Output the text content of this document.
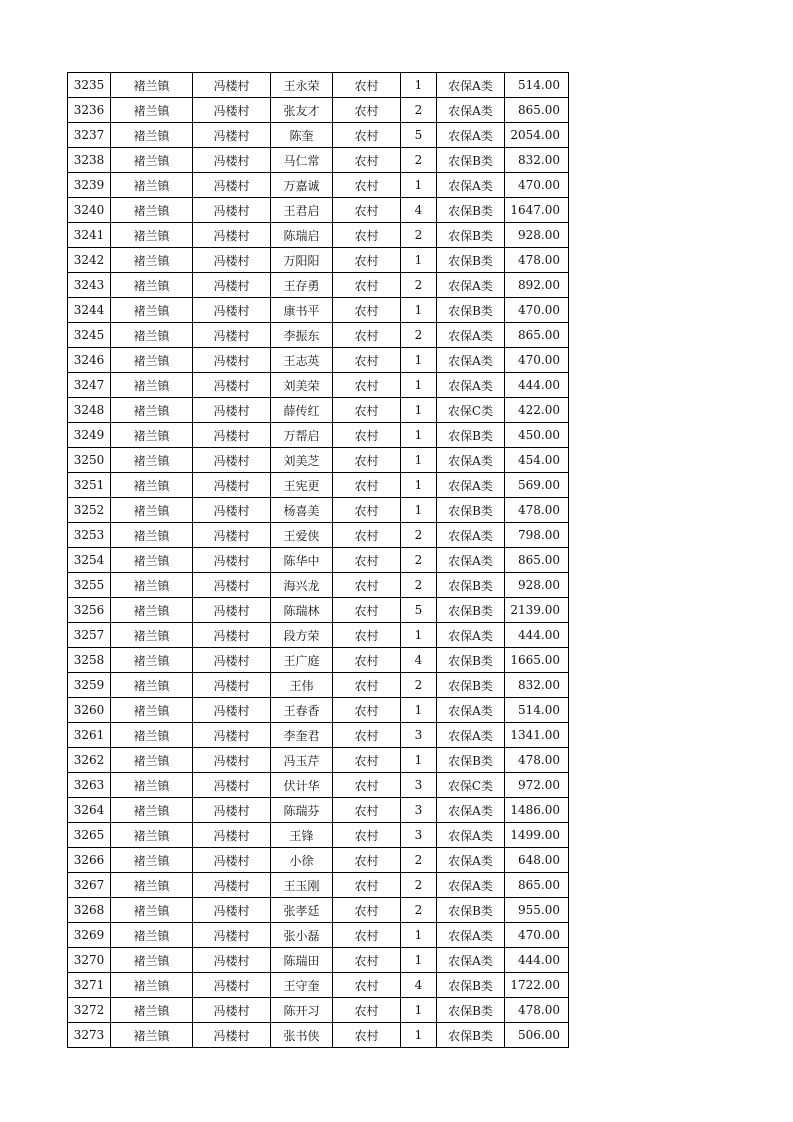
3235	褚兰镇	冯楼村	王永荣	农村	1	农保A类	514.00
3236	褚兰镇	冯楼村	张友才	农村	2	农保A类	865.00
3237	褚兰镇	冯楼村	陈奎	农村	5	农保A类	2054.00
3238	褚兰镇	冯楼村	马仁常	农村	2	农保B类	832.00
3239	褚兰镇	冯楼村	万嘉诚	农村	1	农保A类	470.00
3240	褚兰镇	冯楼村	王君启	农村	4	农保B类	1647.00
3241	褚兰镇	冯楼村	陈瑞启	农村	2	农保B类	928.00
3242	褚兰镇	冯楼村	万阳阳	农村	1	农保B类	478.00
3243	褚兰镇	冯楼村	王存勇	农村	2	农保A类	892.00
3244	褚兰镇	冯楼村	康书平	农村	1	农保B类	470.00
3245	褚兰镇	冯楼村	李振东	农村	2	农保A类	865.00
3246	褚兰镇	冯楼村	王志英	农村	1	农保A类	470.00
3247	褚兰镇	冯楼村	刘美荣	农村	1	农保A类	444.00
3248	褚兰镇	冯楼村	薛传红	农村	1	农保C类	422.00
3249	褚兰镇	冯楼村	万帮启	农村	1	农保B类	450.00
3250	褚兰镇	冯楼村	刘美芝	农村	1	农保A类	454.00
3251	褚兰镇	冯楼村	王宪更	农村	1	农保A类	569.00
3252	褚兰镇	冯楼村	杨喜美	农村	1	农保B类	478.00
3253	褚兰镇	冯楼村	王爱侠	农村	2	农保A类	798.00
3254	褚兰镇	冯楼村	陈华中	农村	2	农保A类	865.00
3255	褚兰镇	冯楼村	海兴龙	农村	2	农保B类	928.00
3256	褚兰镇	冯楼村	陈瑞林	农村	5	农保B类	2139.00
3257	褚兰镇	冯楼村	段方荣	农村	1	农保A类	444.00
3258	褚兰镇	冯楼村	王广庭	农村	4	农保B类	1665.00
3259	褚兰镇	冯楼村	王伟	农村	2	农保B类	832.00
3260	褚兰镇	冯楼村	王春香	农村	1	农保A类	514.00
3261	褚兰镇	冯楼村	李奎君	农村	3	农保A类	1341.00
3262	褚兰镇	冯楼村	冯玉芹	农村	1	农保B类	478.00
3263	褚兰镇	冯楼村	伏计华	农村	3	农保C类	972.00
3264	褚兰镇	冯楼村	陈瑞芬	农村	3	农保A类	1486.00
3265	褚兰镇	冯楼村	王锋	农村	3	农保A类	1499.00
3266	褚兰镇	冯楼村	小徐	农村	2	农保A类	648.00
3267	褚兰镇	冯楼村	王玉刚	农村	2	农保A类	865.00
3268	褚兰镇	冯楼村	张孝廷	农村	2	农保B类	955.00
3269	褚兰镇	冯楼村	张小磊	农村	1	农保A类	470.00
3270	褚兰镇	冯楼村	陈瑞田	农村	1	农保A类	444.00
3271	褚兰镇	冯楼村	王守奎	农村	4	农保B类	1722.00
3272	褚兰镇	冯楼村	陈开习	农村	1	农保B类	478.00
3273	褚兰镇	冯楼村	张书侠	农村	1	农保B类	506.00
